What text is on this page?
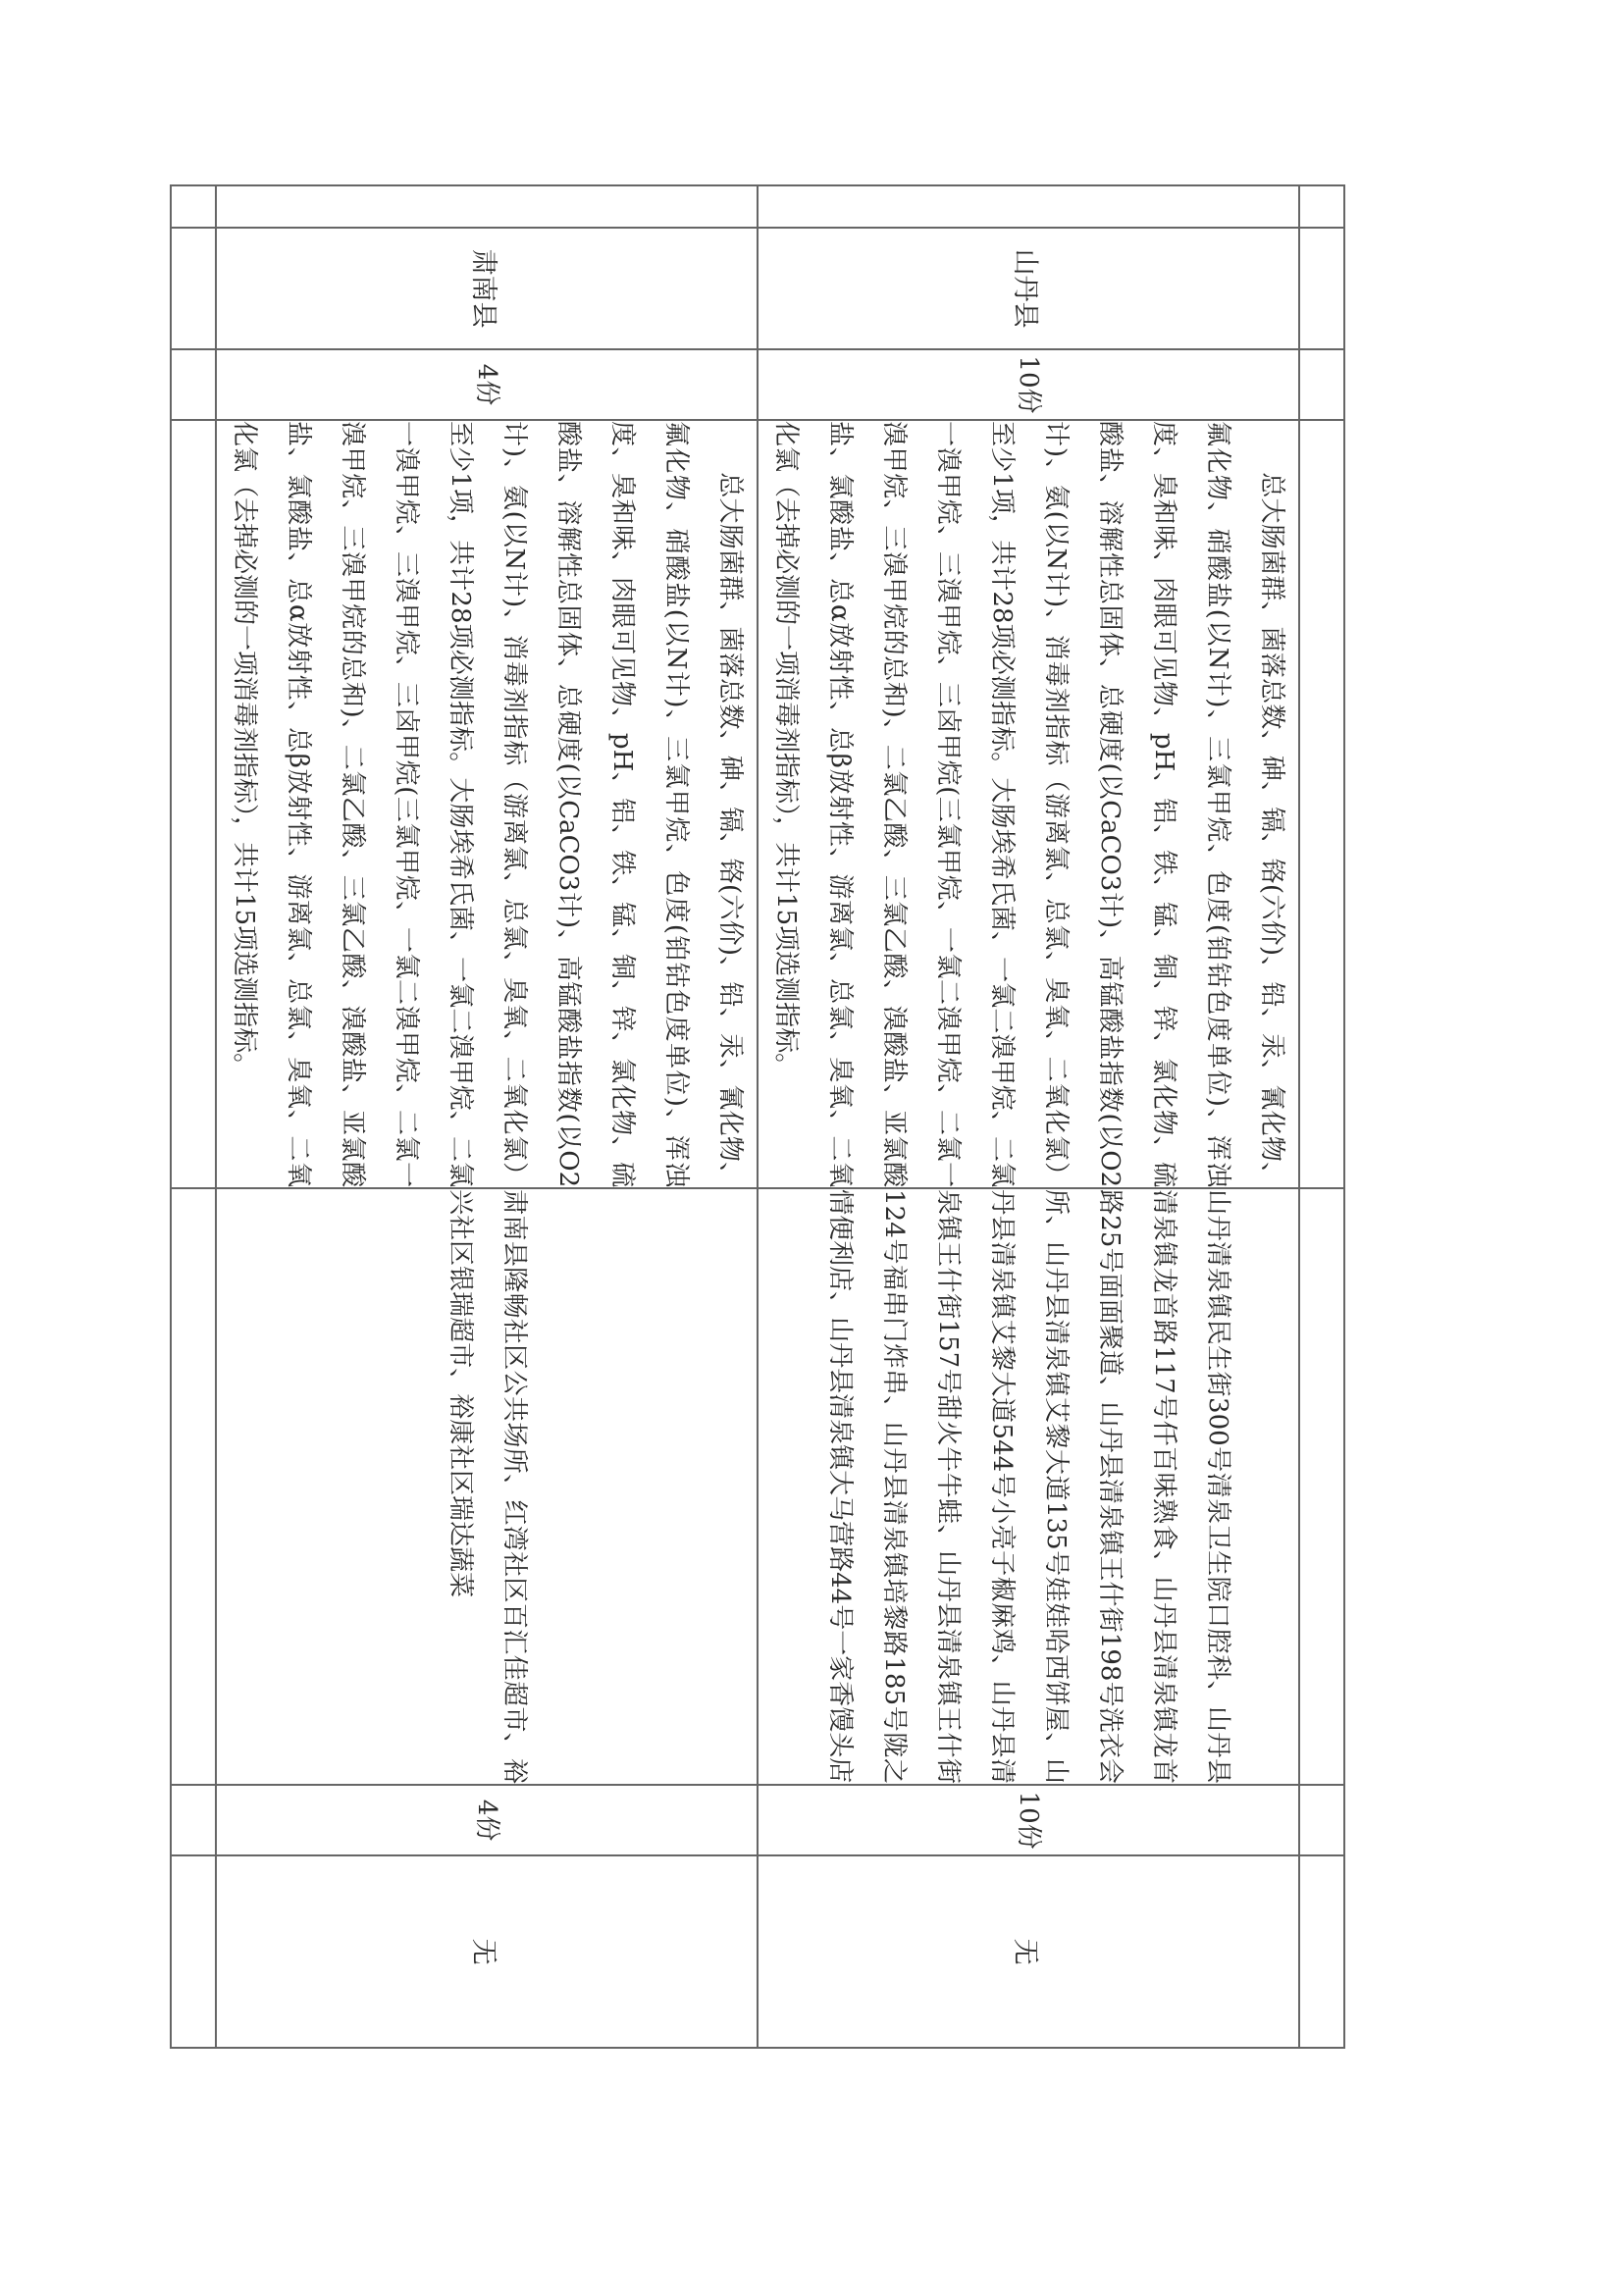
	山丹县	10份	总大肠菌群、菌落总数、砷、镉、铬(六价)、铅、汞、氰化物、氟化物、硝酸盐(以N计)、三氯甲烷、色度(铂钴色度单位)、浑浊度、臭和味、肉眼可见物、pH、铝、铁、锰、铜、锌、氯化物、硫酸盐、溶解性总固体、总硬度(以CaCO3计)、高锰酸盐指数(以O2计)、氨(以N计)、消毒剂指标（游离氯、总氯、臭氧、二氧化氯）至少1项，共计28项必测指标。大肠埃希氏菌、一氯二溴甲烷、二氯一溴甲烷、三溴甲烷、三卤甲烷(三氯甲烷、一氯二溴甲烷、二氯一溴甲烷、三溴甲烷的总和)、二氯乙酸、三氯乙酸、溴酸盐、亚氯酸盐、氯酸盐、总α放射性、总β放射性、游离氯、总氯、臭氧、二氧化氯（去掉必测的一项消毒剂指标），共计15项选测指标。	山丹清泉镇民生街300号清泉卫生院口腔科、山丹县清泉镇龙首路117号仟百味熟食、山丹县清泉镇龙首路25号面面聚道、山丹县清泉镇王什街198号洗衣会所、山丹县清泉镇艾黎大道135号娃娃哈西饼屋、山丹县清泉镇艾黎大道544号小亮子椒麻鸡、山丹县清泉镇王什街157号甜火牛牛蛙、山丹县清泉镇王什街124号福串门炸串、山丹县清泉镇培黎路185号陇之情便利店、山丹县清泉镇大马营路44号一家香馒头店	10份	无
	肃南县	4份	总大肠菌群、菌落总数、砷、镉、铬(六价)、铅、汞、氰化物、氟化物、硝酸盐(以N计)、三氯甲烷、色度(铂钴色度单位)、浑浊度、臭和味、肉眼可见物、pH、铝、铁、锰、铜、锌、氯化物、硫酸盐、溶解性总固体、总硬度(以CaCO3计)、高锰酸盐指数(以O2计)、氨(以N计)、消毒剂指标（游离氯、总氯、臭氧、二氧化氯）至少1项，共计28项必测指标。大肠埃希氏菌、一氯二溴甲烷、二氯一溴甲烷、三溴甲烷、三卤甲烷(三氯甲烷、一氯二溴甲烷、二氯一溴甲烷、三溴甲烷的总和)、二氯乙酸、三氯乙酸、溴酸盐、亚氯酸盐、氯酸盐、总α放射性、总β放射性、游离氯、总氯、臭氧、二氧化氯（去掉必测的一项消毒剂指标），共计15项选测指标。	肃南县隆畅社区公共场所、红湾社区百汇佳超市、裕兴社区银瑞超市、裕康社区瑞达蔬菜	4份	无
